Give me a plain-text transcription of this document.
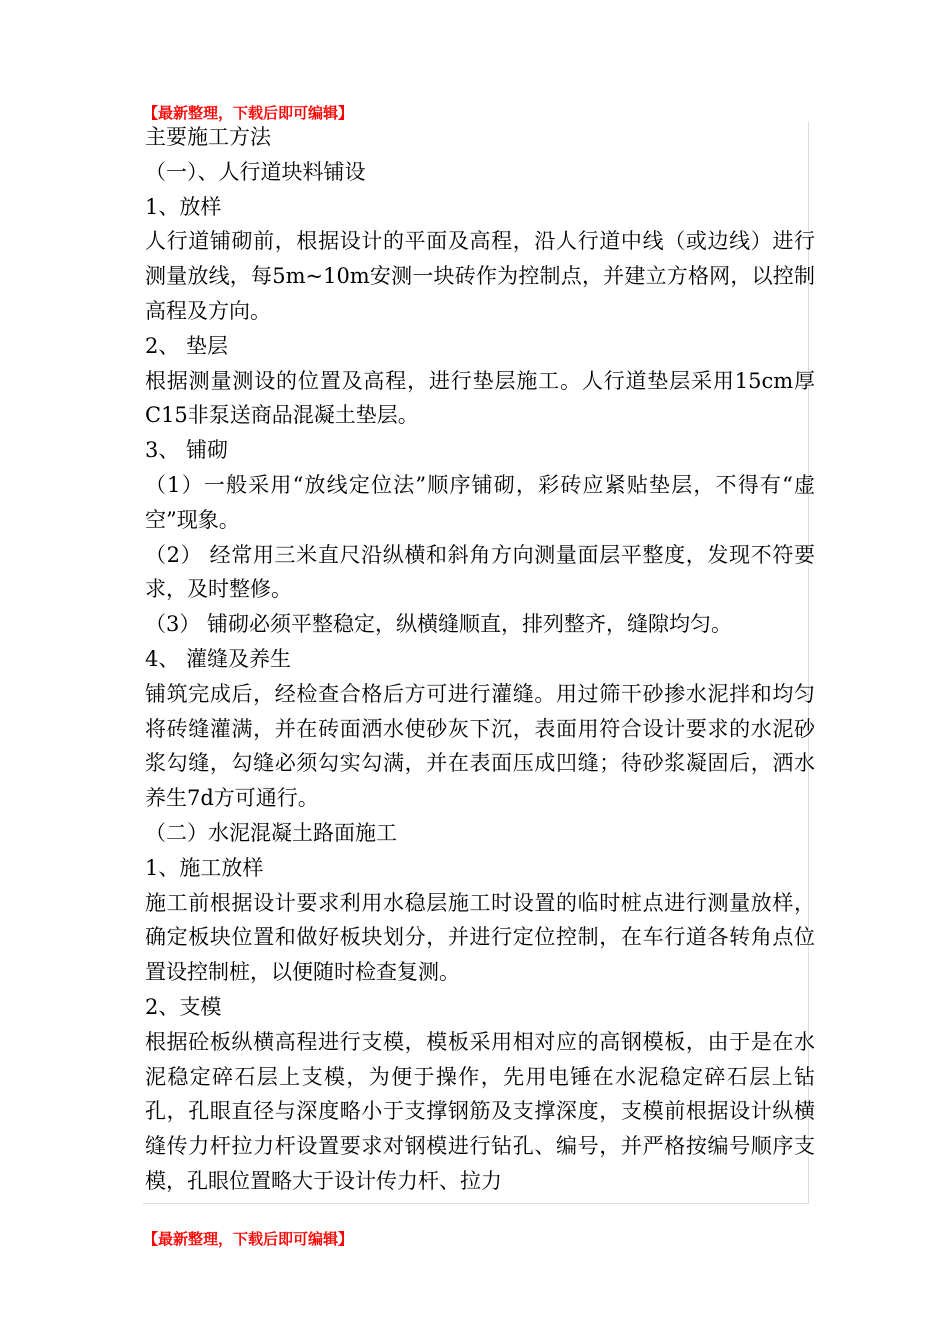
【最新整理，下载后即可编辑】

主要施工方法

（一）、人行道块料铺设

1、放样

人行道铺砌前，根据设计的平面及高程，沿人行道中线（或边线）进行测量放线，每5m~10m安测一块砖作为控制点，并建立方格网，以控制高程及方向。

2、 垫层

根据测量测设的位置及高程，进行垫层施工。人行道垫层采用15cm厚C15非泵送商品混凝土垫层。

3、 铺砌

（1）一般采用“放线定位法”顺序铺砌，彩砖应紧贴垫层，不得有“虚空”现象。

（2） 经常用三米直尺沿纵横和斜角方向测量面层平整度，发现不符要求，及时整修。

（3） 铺砌必须平整稳定，纵横缝顺直，排列整齐，缝隙均匀。

4、 灌缝及养生

铺筑完成后，经检查合格后方可进行灌缝。用过筛干砂掺水泥拌和均匀将砖缝灌满，并在砖面洒水使砂灰下沉，表面用符合设计要求的水泥砂浆勾缝，勾缝必须勾实勾满，并在表面压成凹缝；待砂浆凝固后，洒水养生7d方可通行。

（二）水泥混凝土路面施工

1、施工放样

施工前根据设计要求利用水稳层施工时设置的临时桩点进行测量放样，确定板块位置和做好板块划分，并进行定位控制，在车行道各转角点位置设控制桩，以便随时检查复测。

2、支模

根据砼板纵横高程进行支模，模板采用相对应的高钢模板，由于是在水泥稳定碎石层上支模，为便于操作，先用电锤在水泥稳定碎石层上钻孔，孔眼直径与深度略小于支撑钢筋及支撑深度，支模前根据设计纵横缝传力杆拉力杆设置要求对钢模进行钻孔、编号，并严格按编号顺序支模，孔眼位置略大于设计传力杆、拉力

【最新整理，下载后即可编辑】
